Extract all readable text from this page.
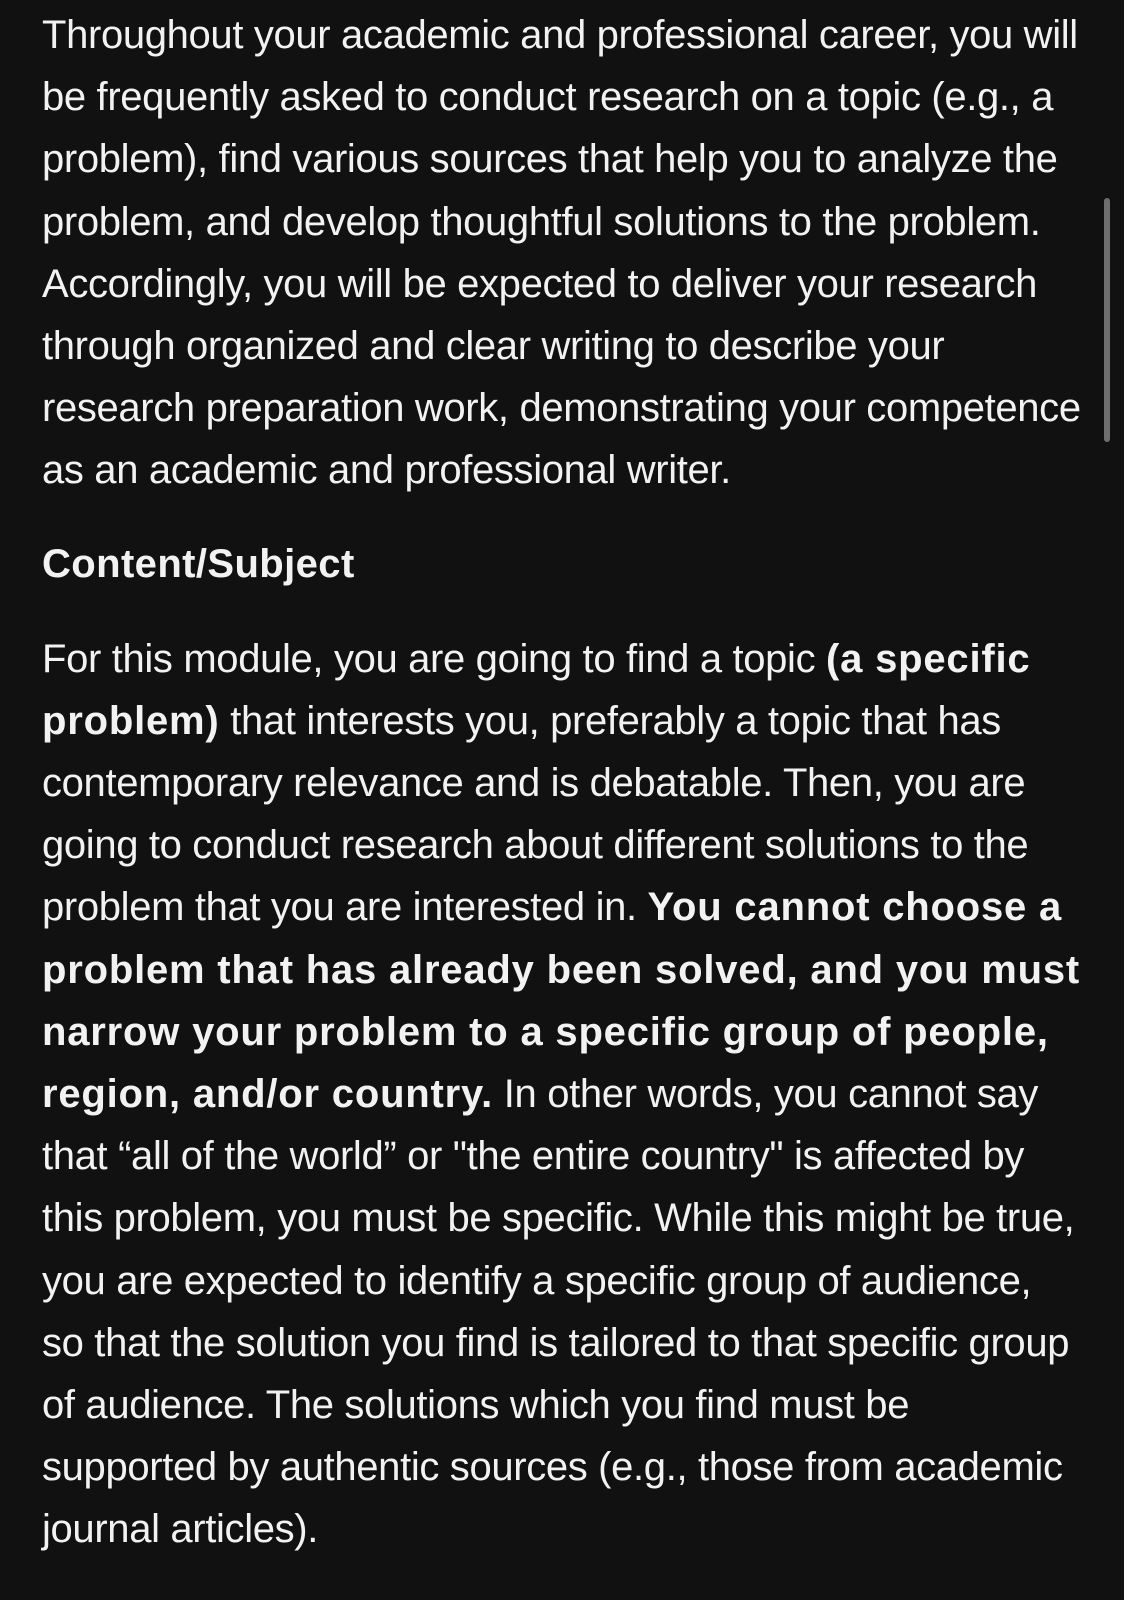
Throughout your academic and professional career, you will be frequently asked to conduct research on a topic (e.g., a problem), find various sources that help you to analyze the problem, and develop thoughtful solutions to the problem. Accordingly, you will be expected to deliver your research through organized and clear writing to describe your research preparation work, demonstrating your competence as an academic and professional writer.

Content/Subject

For this module, you are going to find a topic (a specific problem) that interests you, preferably a topic that has contemporary relevance and is debatable. Then, you are going to conduct research about different solutions to the problem that you are interested in. You cannot choose a problem that has already been solved, and you must narrow your problem to a specific group of people, region, and/or country. In other words, you cannot say that “all of the world” or "the entire country" is affected by this problem, you must be specific. While this might be true, you are expected to identify a specific group of audience, so that the solution you find is tailored to that specific group of audience. The solutions which you find must be supported by authentic sources (e.g., those from academic journal articles).
